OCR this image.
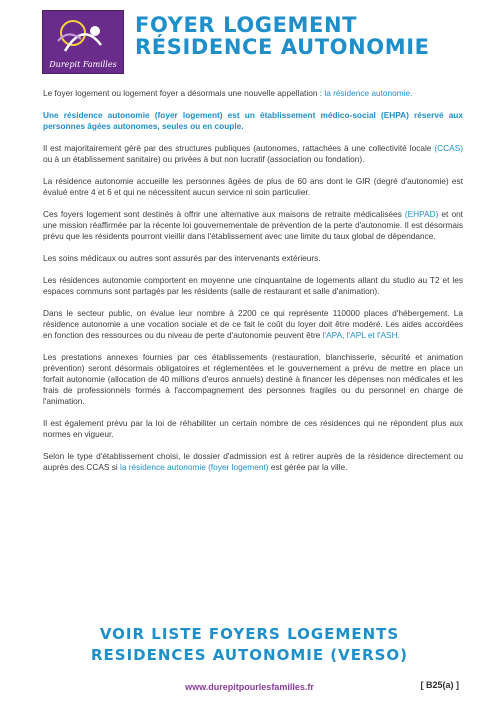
Durepit Familles
FOYER LOGEMENT
RÉSIDENCE AUTONOMIE

Le foyer logement ou logement foyer a désormais une nouvelle appellation : la résidence autonomie.

Une résidence autonomie (foyer logement) est un établissement médico-social (EHPA) réservé aux personnes âgées autonomes, seules ou en couple.

Il est majoritairement géré par des structures publiques (autonomes, rattachées à une collectivité locale (CCAS) ou à un établissement sanitaire) ou privées à but non lucratif (association ou fondation).

La résidence autonomie accueille les personnes âgées de plus de 60 ans dont le GIR (degré d'autonomie) est évalué entre 4 et 6 et qui ne nécessitent aucun service ni soin particulier.

Ces foyers logement sont destinés à offrir une alternative aux maisons de retraite médicalisées (EHPAD) et ont une mission réaffirmée par la récente loi gouvernementale de prévention de la perte d'autonomie. Il est désormais prévu que les résidents pourront vieillir dans l'établissement avec une limite du taux global de dépendance.

Les soins médicaux ou autres sont assurés par des intervenants extérieurs.

Les résidences autonomie comportent en moyenne une cinquantaine de logements allant du studio au T2 et les espaces communs sont partagés par les résidents (salle de restaurant et salle d'animation).

Dans le secteur public, on évalue leur nombre à 2200 ce qui représente 110000 places d'hébergement. La résidence autonomie a une vocation sociale et de ce fait le coût du loyer doit être modéré. Les aides accordées en fonction des ressources ou du niveau de perte d'autonomie peuvent être l'APA, l'APL et l'ASH.

Les prestations annexes fournies par ces établissements (restauration, blanchisserie, sécurité et animation prévention) seront désormais obligatoires et réglementées et le gouvernement a prévu de mettre en place un forfait autonomie (allocation de 40 millions d'euros annuels) destiné à financer les dépenses non médicales et les frais de professionnels formés à l'accompagnement des personnes fragiles ou du personnel en charge de l'animation.

Il est également prévu par la loi de réhabiliter un certain nombre de ces résidences qui ne répondent plus aux normes en vigueur.

Selon le type d'établissement choisi, le dossier d'admission est à retirer auprès de la résidence directement ou auprès des CCAS si la résidence autonomie (foyer logement) est gérée par la ville.

VOIR LISTE FOYERS LOGEMENTS
RESIDENCES AUTONOMIE (VERSO)
www.durepitpourlesfamilles.fr	[ B25(a) ]
